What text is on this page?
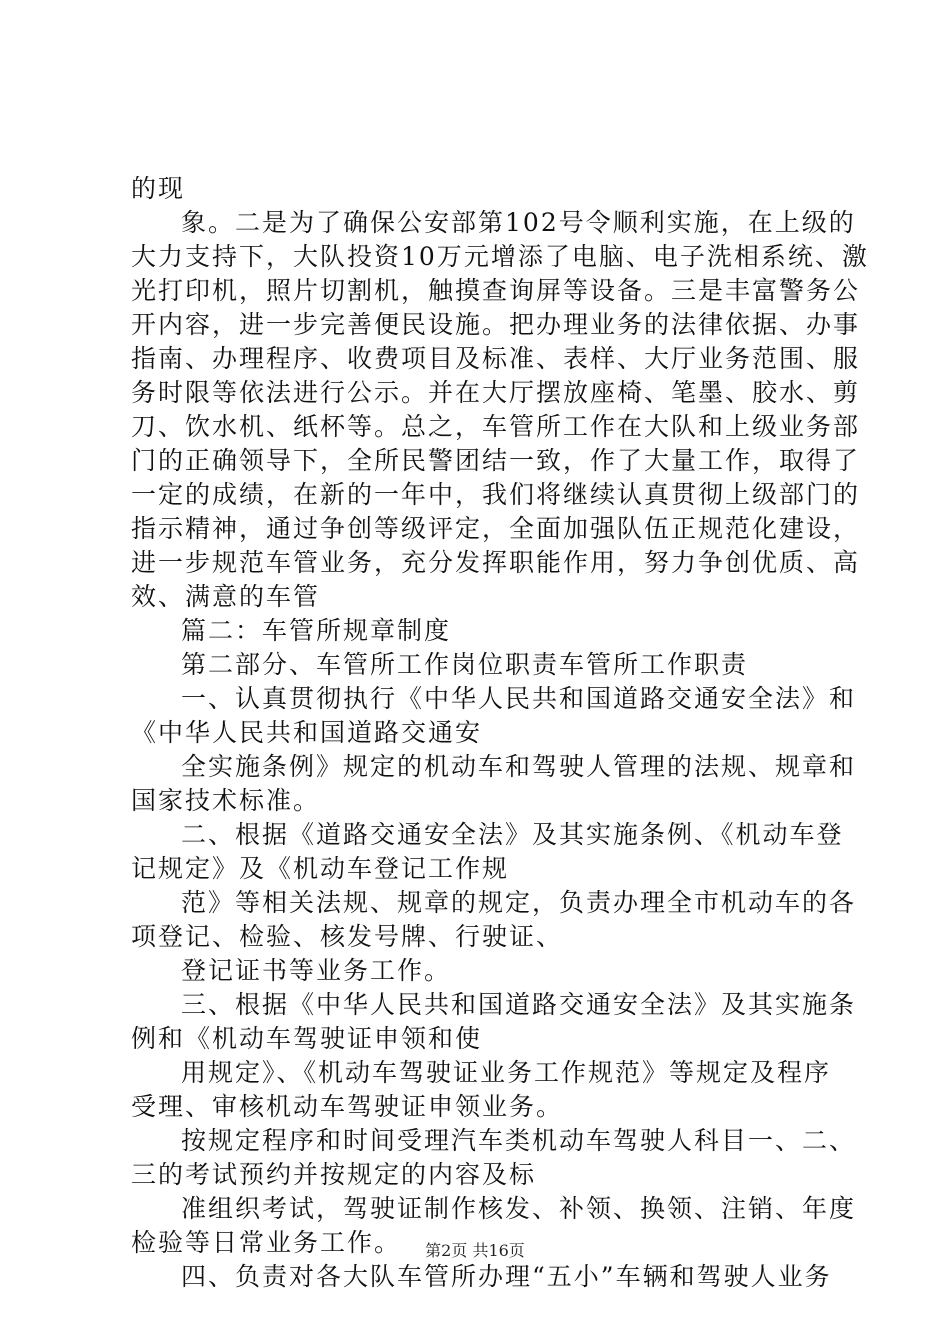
的现
象。二是为了确保公安部第102号令顺利实施，在上级的
大力支持下，大队投资10万元增添了电脑、电子洗相系统、激
光打印机，照片切割机，触摸查询屏等设备。三是丰富警务公
开内容，进一步完善便民设施。把办理业务的法律依据、办事
指南、办理程序、收费项目及标准、表样、大厅业务范围、服
务时限等依法进行公示。并在大厅摆放座椅、笔墨、胶水、剪
刀、饮水机、纸杯等。总之，车管所工作在大队和上级业务部
门的正确领导下，全所民警团结一致，作了大量工作，取得了
一定的成绩，在新的一年中，我们将继续认真贯彻上级部门的
指示精神，通过争创等级评定，全面加强队伍正规范化建设，
进一步规范车管业务，充分发挥职能作用，努力争创优质、高
效、满意的车管
篇二：车管所规章制度
第二部分、车管所工作岗位职责车管所工作职责
一、认真贯彻执行《中华人民共和国道路交通安全法》和
《中华人民共和国道路交通安
全实施条例》规定的机动车和驾驶人管理的法规、规章和
国家技术标准。
二、根据《道路交通安全法》及其实施条例、《机动车登
记规定》及《机动车登记工作规
范》等相关法规、规章的规定，负责办理全市机动车的各
项登记、检验、核发号牌、行驶证、
登记证书等业务工作。
三、根据《中华人民共和国道路交通安全法》及其实施条
例和《机动车驾驶证申领和使
用规定》、《机动车驾驶证业务工作规范》等规定及程序
受理、审核机动车驾驶证申领业务。
按规定程序和时间受理汽车类机动车驾驶人科目一、二、
三的考试预约并按规定的内容及标
准组织考试，驾驶证制作核发、补领、换领、注销、年度
检验等日常业务工作。
四、负责对各大队车管所办理“五小”车辆和驾驶人业务
第2页 共16页
